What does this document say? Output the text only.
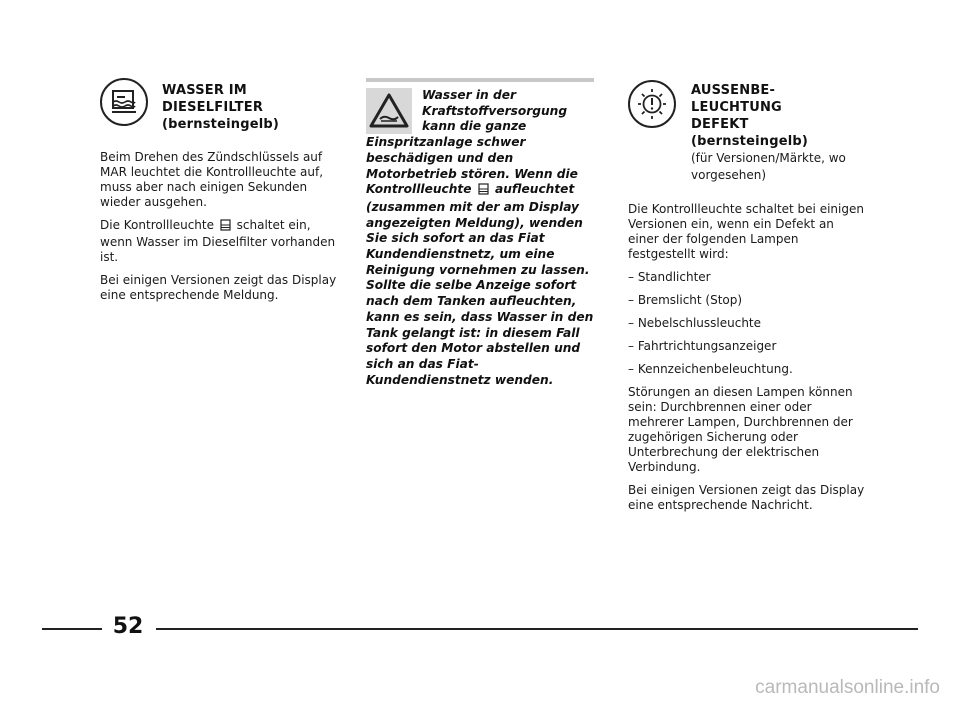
WASSER IM
DIESELFILTER
(bernsteingelb)

Beim Drehen des Zündschlüssels auf MAR leuchtet die Kontrollleuchte auf, muss aber nach einigen Sekunden wieder ausgehen.

Die Kontrollleuchte schaltet ein, wenn Wasser im Dieselfilter vorhanden ist.

Bei einigen Versionen zeigt das Display eine entsprechende Meldung.

Wasser in der Kraftstoffversorgung kann die ganze
Einspritzanlage schwer beschädigen und den Motorbetrieb stören. Wenn die Kontrollleuchte aufleuchtet (zusammen mit der am Display angezeigten Meldung), wenden Sie sich sofort an das Fiat Kundendienstnetz, um eine Reinigung vornehmen zu lassen. Sollte die selbe Anzeige sofort nach dem Tanken aufleuchten, kann es sein, dass Wasser in den Tank gelangt ist: in diesem Fall sofort den Motor abstellen und sich an das Fiat-Kundendienstnetz wenden.
AUSSENBE-
LEUCHTUNG
DEFEKT
(bernsteingelb)
(für Versionen/Märkte, wo vorgesehen)

Die Kontrollleuchte schaltet bei einigen Versionen ein, wenn ein Defekt an einer der folgenden Lampen festgestellt wird:

– Standlichter
– Bremslicht (Stop)
– Nebelschlussleuchte
– Fahrtrichtungsanzeiger
– Kennzeichenbeleuchtung.

Störungen an diesen Lampen können sein: Durchbrennen einer oder mehrerer Lampen, Durchbrennen der zugehörigen Sicherung oder Unterbrechung der elektrischen Verbindung.

Bei einigen Versionen zeigt das Display eine entsprechende Nachricht.

52
carmanualsonline.info
